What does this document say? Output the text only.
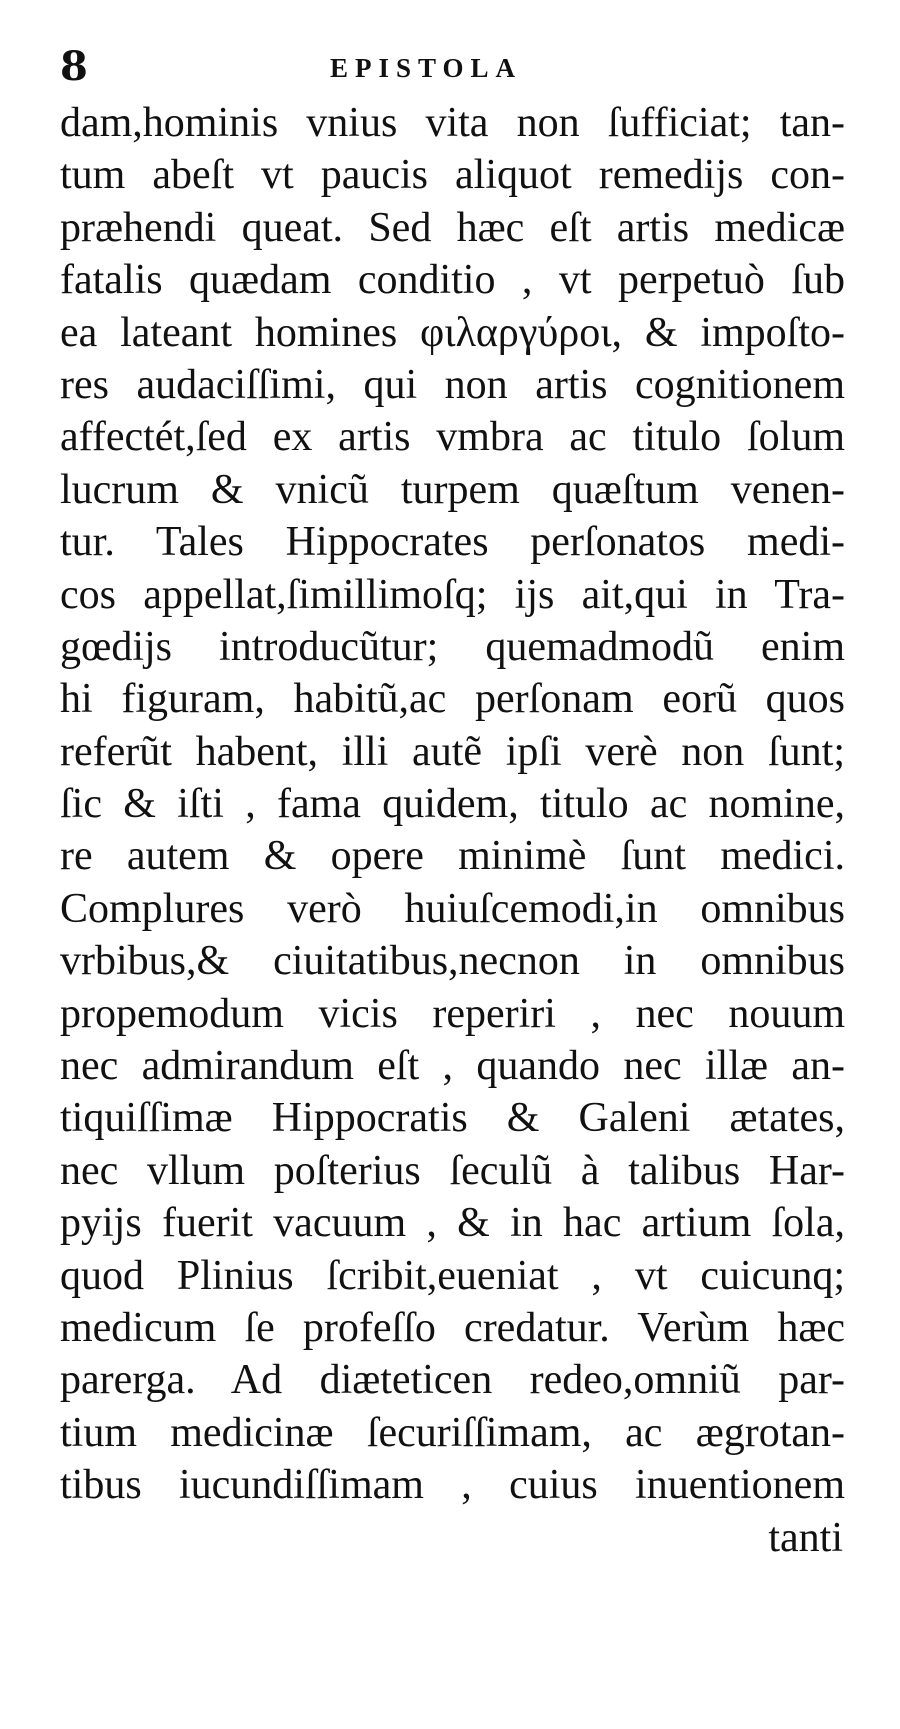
8	EPISTOLA
dam,hominis vnius vita non ſufficiat; tan-
tum abeſt vt paucis aliquot remedijs con-
præhendi queat. Sed hæc eſt artis medicæ
fatalis quædam conditio , vt perpetuò ſub
ea lateant homines φιλαργύροι, & impoſto-
res audaciſſimi, qui non artis cognitionem
affectét,ſed ex artis vmbra ac titulo ſolum
lucrum & vnicũ turpem quæſtum venen-
tur. Tales Hippocrates perſonatos medi-
cos appellat,ſimillimoſq; ijs ait,qui in Tra-
gœdijs introducũtur; quemadmodũ enim
hi figuram, habitũ,ac perſonam eorũ quos
referũt habent, illi autẽ ipſi verè non ſunt;
ſic & iſti , fama quidem, titulo ac nomine,
re autem & opere minimè ſunt medici.
Complures verò huiuſcemodi,in omnibus
vrbibus,& ciuitatibus,necnon in omnibus
propemodum vicis reperiri , nec nouum
nec admirandum eſt , quando nec illæ an-
tiquiſſimæ Hippocratis & Galeni ætates,
nec vllum poſterius ſeculũ à talibus Har-
pyijs fuerit vacuum , & in hac artium ſola,
quod Plinius ſcribit,eueniat , vt cuicunq;
medicum ſe profeſſo credatur. Verùm hæc
parerga. Ad diæteticen redeo,omniũ par-
tium medicinæ ſecuriſſimam, ac ægrotan-
tibus iucundiſſimam , cuius inuentionem
tanti
